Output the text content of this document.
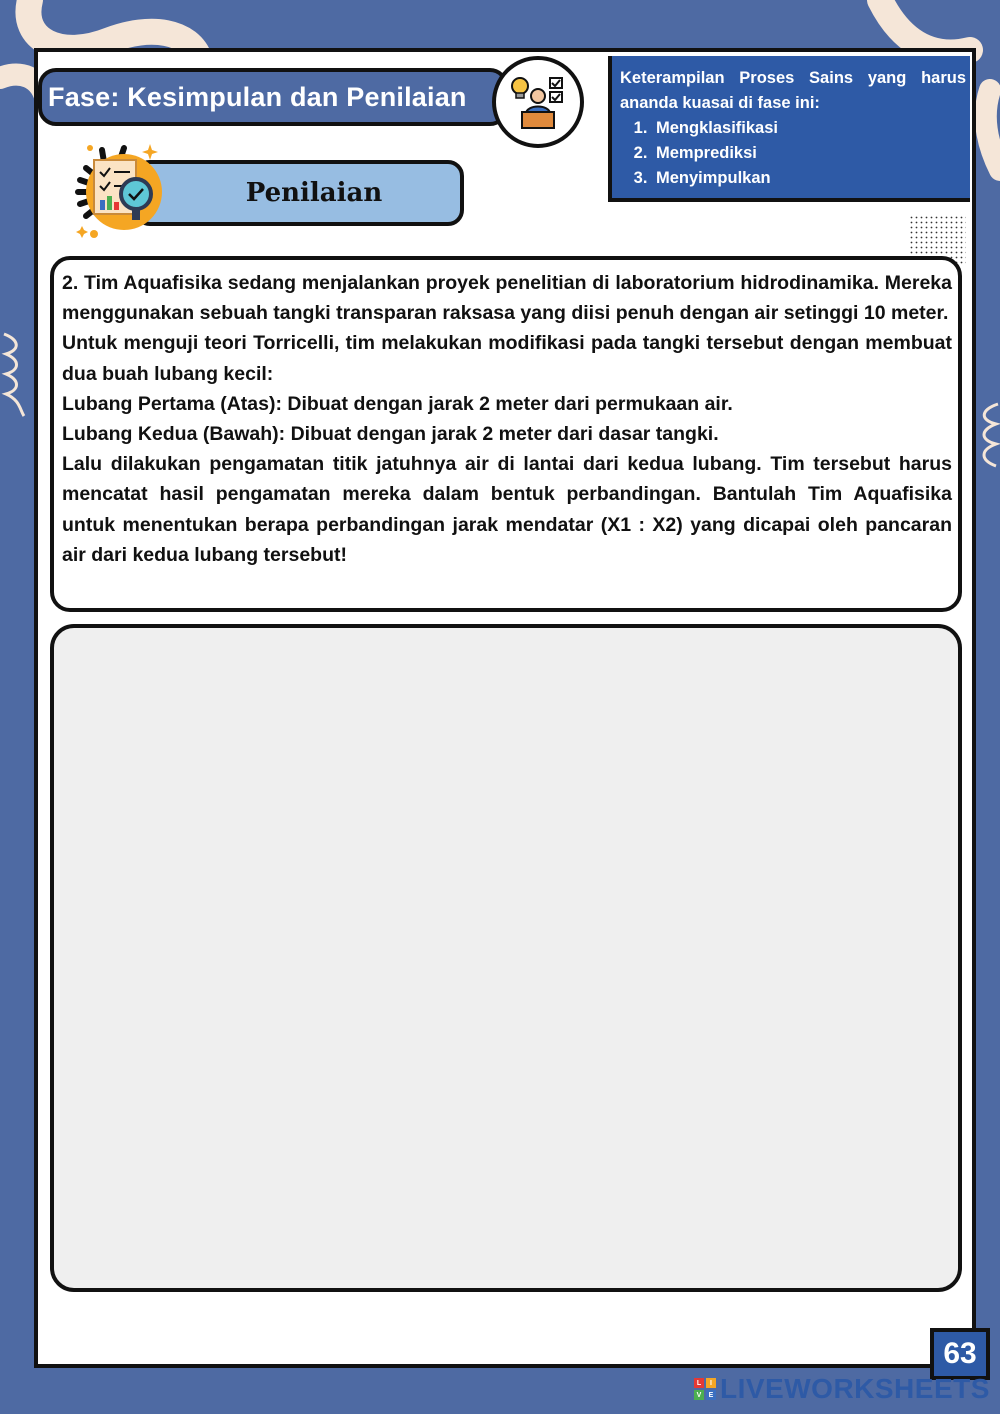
Fase: Kesimpulan dan Penilaian
Keterampilan Proses Sains yang harus ananda kuasai di fase ini:
1. Mengklasifikasi
2. Memprediksi
3. Menyimpulkan
Penilaian

2. Tim Aquafisika sedang menjalankan proyek penelitian di laboratorium hidrodinamika. Mereka menggunakan sebuah tangki transparan raksasa yang diisi penuh dengan air setinggi 10 meter.

Untuk menguji teori Torricelli, tim melakukan modifikasi pada tangki tersebut dengan membuat dua buah lubang kecil:

Lubang Pertama (Atas): Dibuat dengan jarak 2 meter dari permukaan air.

Lubang Kedua (Bawah): Dibuat dengan jarak 2 meter dari dasar tangki.

Lalu dilakukan pengamatan titik jatuhnya air di lantai dari kedua lubang. Tim tersebut harus mencatat hasil pengamatan mereka dalam bentuk perbandingan. Bantulah Tim Aquafisika untuk menentukan berapa perbandingan jarak mendatar (X1 : X2) yang dicapai oleh pancaran air dari kedua lubang tersebut!

63
L	I
V	E LIVEWORKSHEETS
